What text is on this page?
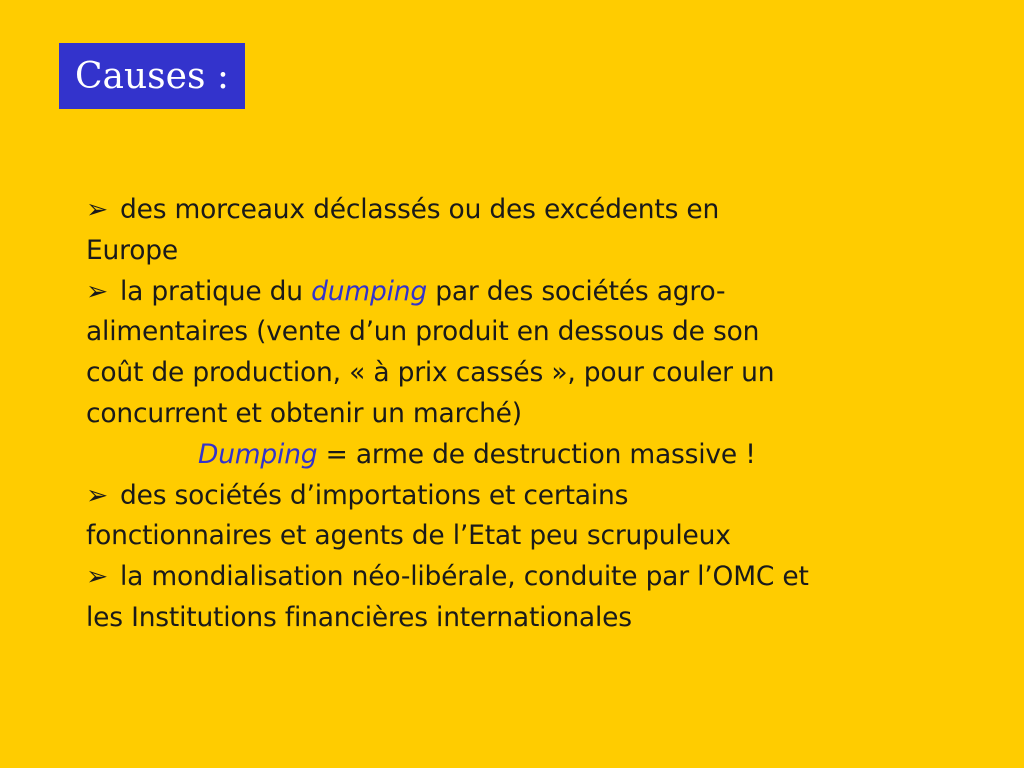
Causes :
➢ des morceaux déclassés ou des excédents en
Europe
➢ la pratique du dumping par des sociétés agro-
alimentaires (vente d’un produit en dessous de son
coût de production, « à prix cassés », pour couler un
concurrent et obtenir un marché)
Dumping = arme de destruction massive !
➢ des sociétés d’importations et certains
fonctionnaires et agents de l’Etat peu scrupuleux
➢ la mondialisation néo-libérale, conduite par l’OMC et
les Institutions financières internationales
